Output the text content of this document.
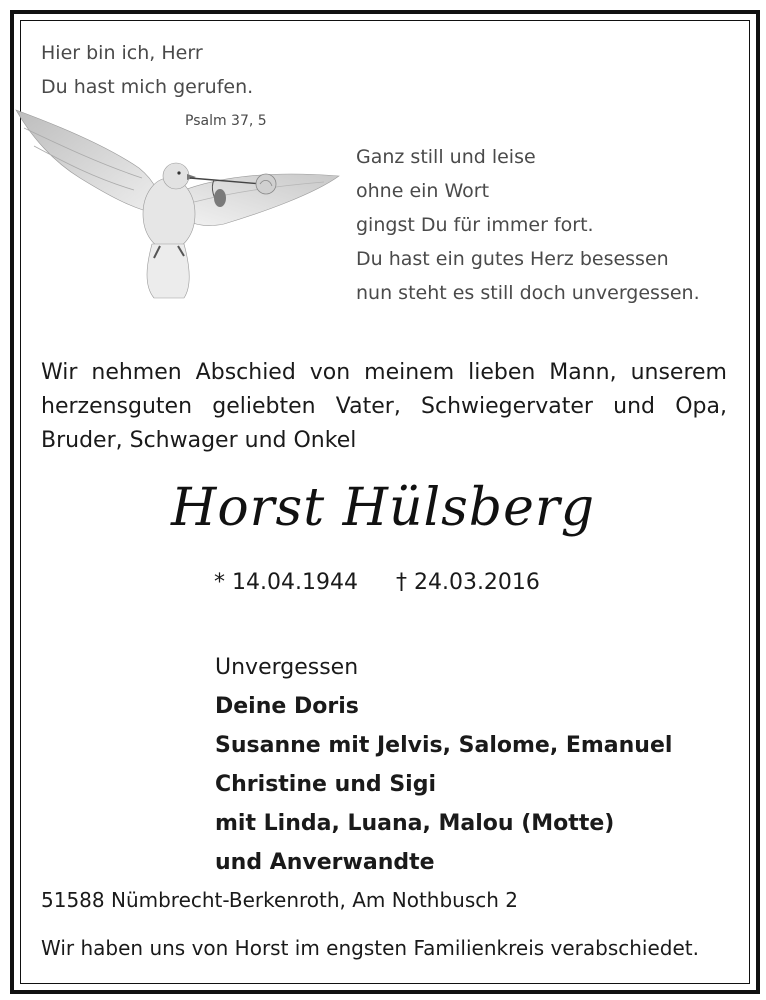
Hier bin ich, Herr
Du hast mich gerufen.
Psalm 37, 5
Ganz still und leise
ohne ein Wort
gingst Du für immer fort.
Du hast ein gutes Herz besessen
nun steht es still doch unvergessen.
Wir nehmen Abschied von meinem lieben Mann, unserem
herzensguten geliebten Vater, Schwiegervater und Opa,
Bruder, Schwager und Onkel
Horst Hülsberg
* 14.04.1944 † 24.03.2016
Unvergessen
Deine Doris
Susanne mit Jelvis, Salome, Emanuel
Christine und Sigi
mit Linda, Luana, Malou (Motte)
und Anverwandte
51588 Nümbrecht-Berkenroth, Am Nothbusch 2
Wir haben uns von Horst im engsten Familienkreis verabschiedet.
